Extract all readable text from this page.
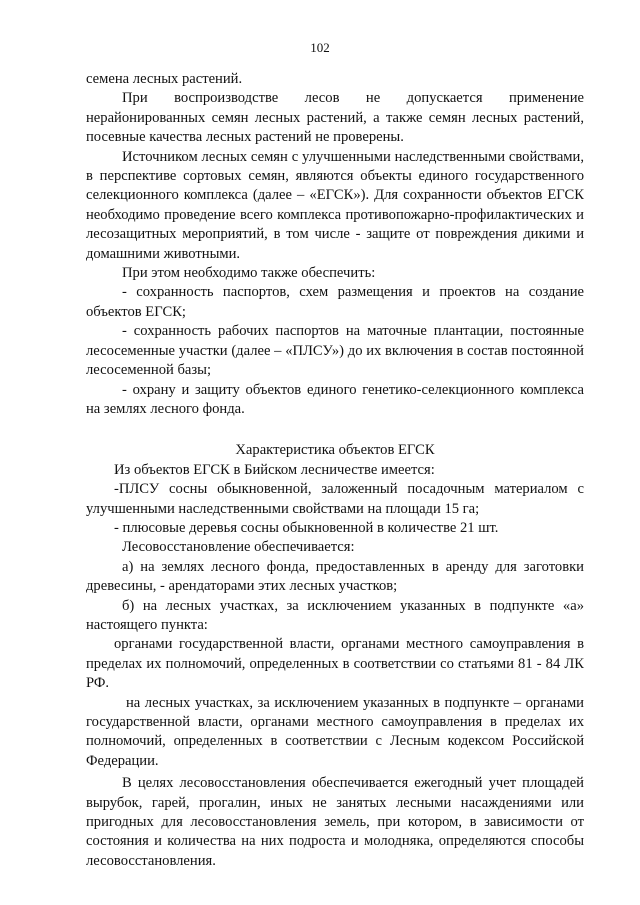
102

семена лесных растений.

При воспроизводстве лесов не допускается применение нерайонированных семян лесных растений, а также семян лесных растений, посевные качества лесных растений не проверены.

Источником лесных семян с улучшенными наследственными свойствами, в перспективе сортовых семян, являются объекты единого государственного селекционного комплекса (далее – «ЕГСК»). Для сохранности объектов ЕГСК необходимо проведение всего комплекса противопожарно-профилактических и лесозащитных мероприятий, в том числе - защите от повреждения дикими и домашними животными.

При этом необходимо также обеспечить:

- сохранность паспортов, схем размещения и проектов на создание объектов ЕГСК;

- сохранность рабочих паспортов на маточные плантации, постоянные лесосеменные участки (далее – «ПЛСУ») до их включения в состав постоянной лесосеменной базы;

- охрану и защиту объектов единого генетико-селекционного комплекса на землях лесного фонда.

Характеристика объектов ЕГСК

Из объектов ЕГСК в Бийском лесничестве имеется:

-ПЛСУ сосны обыкновенной, заложенный посадочным материалом с улучшенными наследственными свойствами на площади 15 га;

- плюсовые деревья сосны обыкновенной в количестве 21 шт.

Лесовосстановление обеспечивается:

а) на землях лесного фонда, предоставленных в аренду для заготовки древесины, - арендаторами этих лесных участков;

б) на лесных участках, за исключением указанных в подпункте «а» настоящего пункта:

органами государственной власти, органами местного самоуправления в пределах их полномочий, определенных в соответствии со статьями 81 - 84 ЛК РФ.

на лесных участках, за исключением указанных в подпункте – органами государственной власти, органами местного самоуправления в пределах их полномочий, определенных в соответствии с Лесным кодексом Российской Федерации.

В целях лесовосстановления обеспечивается ежегодный учет площадей вырубок, гарей, прогалин, иных не занятых лесными насаждениями или пригодных для лесовосстановления земель, при котором, в зависимости от состояния и количества на них подроста и молодняка, определяются способы лесовосстановления.
